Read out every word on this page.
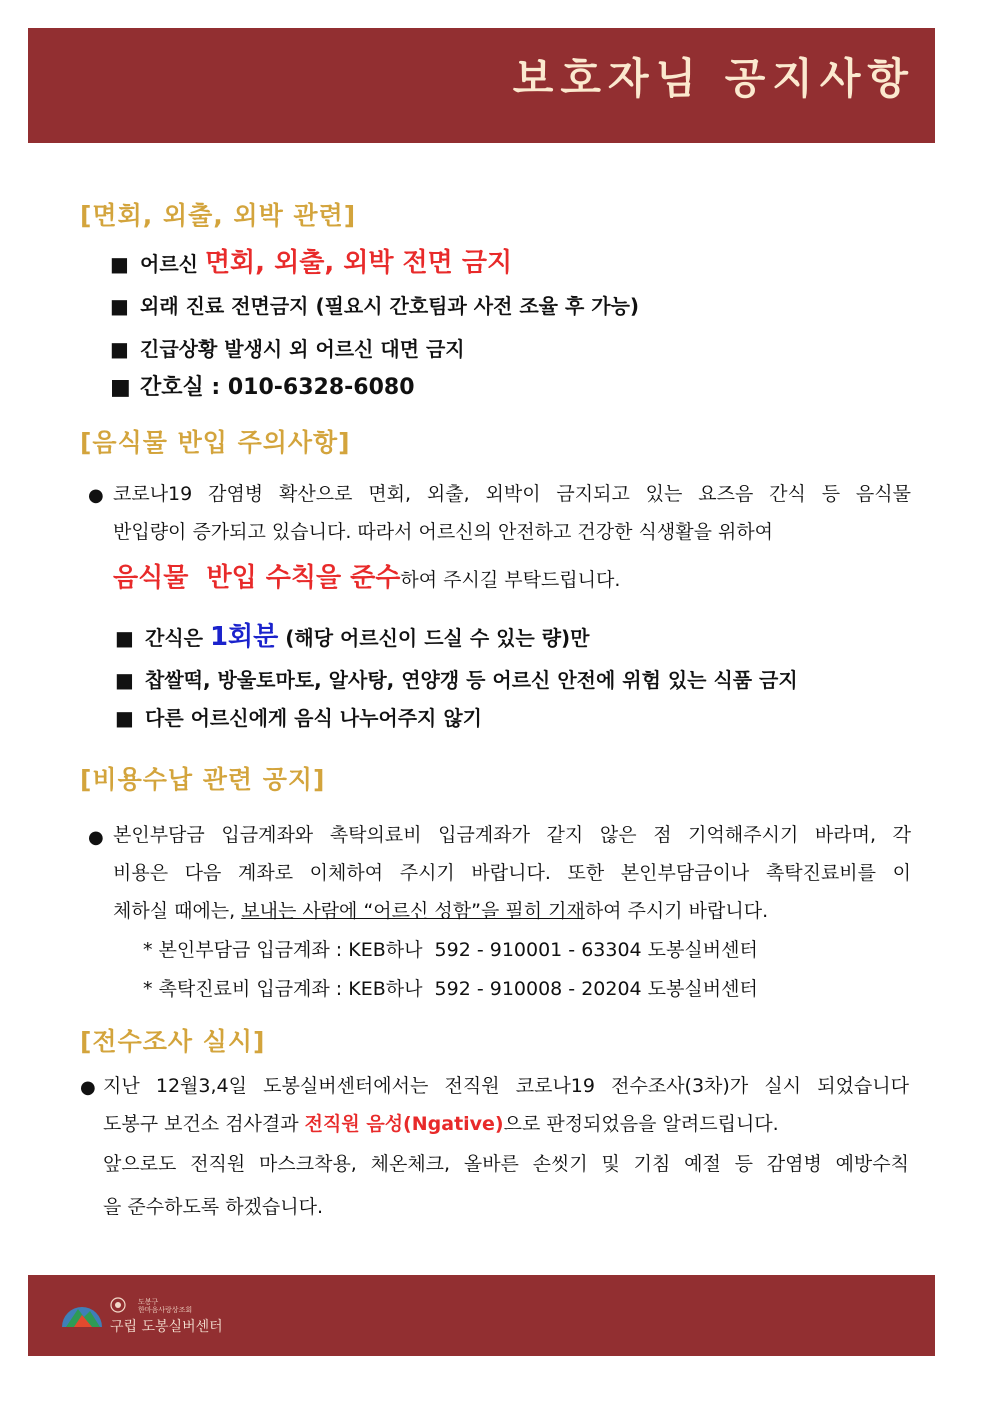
보호자님 공지사항
[면회, 외출, 외박 관련]
■ 어르신 면회, 외출, 외박 전면 금지
■ 외래 진료 전면금지 (필요시 간호팀과 사전 조율 후 가능)
■ 긴급상황 발생시 외 어르신 대면 금지
■ 간호실 : 010-6328-6080
[음식물 반입 주의사항]
● 코로나19 감염병 확산으로 면회, 외출, 외박이 금지되고 있는 요즈음 간식 등 음식물
반입량이 증가되고 있습니다. 따라서 어르신의 안전하고 건강한 식생활을 위하여
음식물  반입 수칙을 준수하여 주시길 부탁드립니다.
■ 간식은 1회분 (해당 어르신이 드실 수 있는 량)만
■ 찹쌀떡, 방울토마토, 알사탕, 연양갱 등 어르신 안전에 위험 있는 식품 금지
■ 다른 어르신에게 음식 나누어주지 않기
[비용수납 관련 공지]
● 본인부담금 입금계좌와 촉탁의료비 입금계좌가 같지 않은 점 기억해주시기 바라며, 각
비용은 다음 계좌로 이체하여 주시기 바랍니다. 또한 본인부담금이나 촉탁진료비를 이
체하실 때에는, 보내는 사람에 “어르신 성함”을 필히 기재하여 주시기 바랍니다.
* 본인부담금 입금계좌 : KEB하나  592 - 910001 - 63304 도봉실버센터
* 촉탁진료비 입금계좌 : KEB하나  592 - 910008 - 20204 도봉실버센터
[전수조사 실시]
● 지난 12월3,4일 도봉실버센터에서는 전직원 코로나19 전수조사(3차)가 실시 되었습니다
도봉구 보건소 검사결과 전직원 음성(Ngative)으로 판정되었음을 알려드립니다.
앞으로도 전직원 마스크착용, 체온체크, 올바른 손씻기 및 기침 예절 등 감염병 예방수칙
을 준수하도록 하겠습니다.
도봉구
한마음사랑상조회
구립 도봉실버센터
